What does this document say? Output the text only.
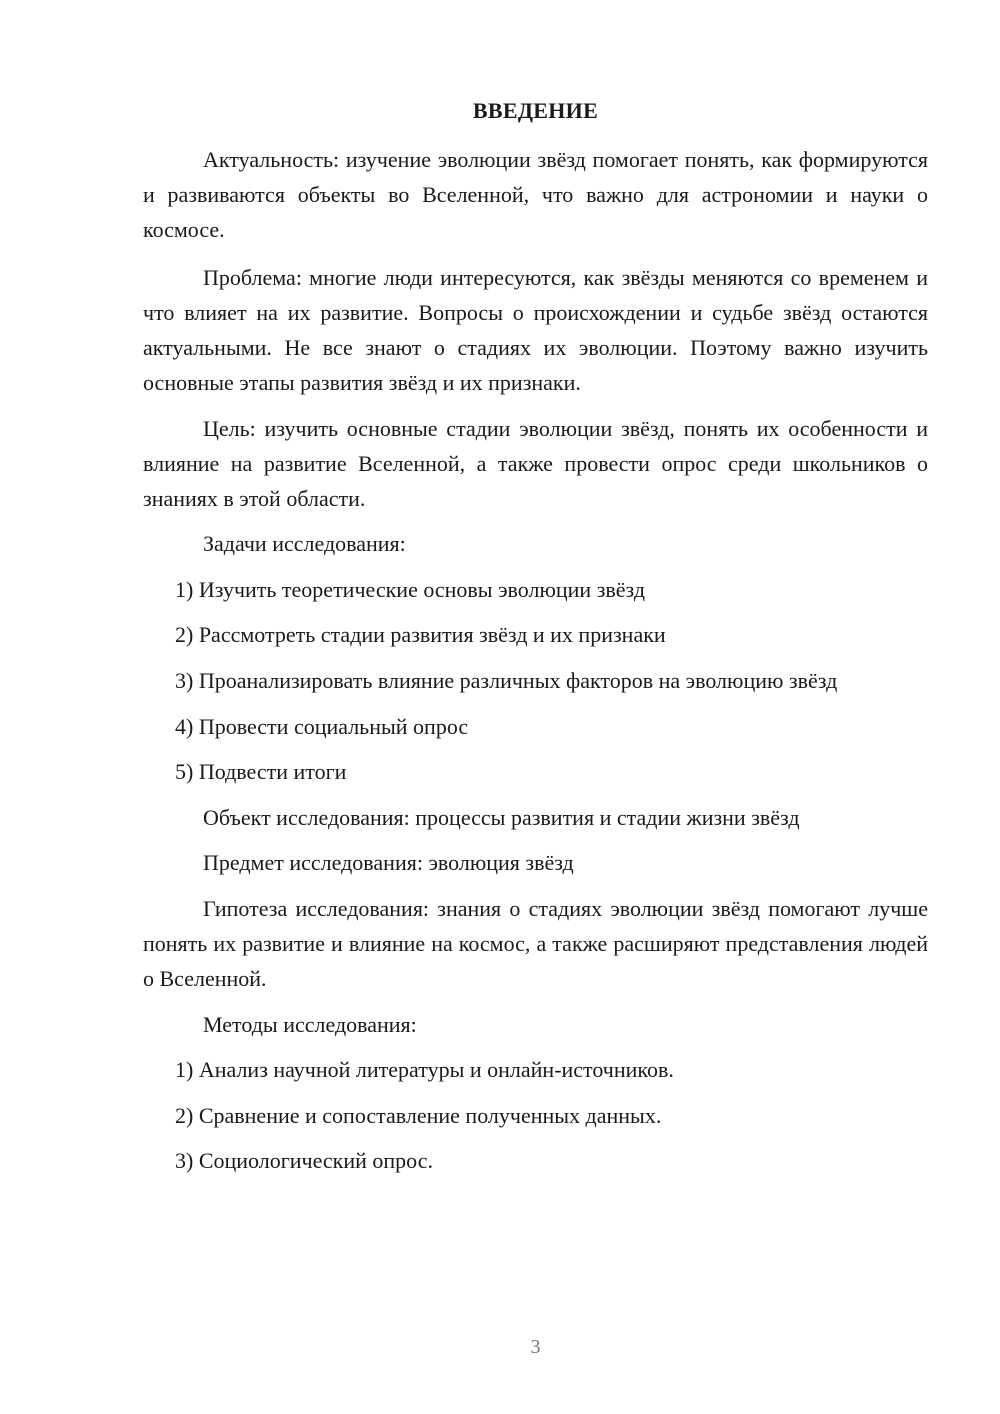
ВВЕДЕНИЕ

Актуальность: изучение эволюции звёзд помогает понять, как формируются и развиваются объекты во Вселенной, что важно для астрономии и науки о космосе.

Проблема: многие люди интересуются, как звёзды меняются со временем и что влияет на их развитие. Вопросы о происхождении и судьбе звёзд остаются актуальными. Не все знают о стадиях их эволюции. Поэтому важно изучить основные этапы развития звёзд и их признаки.

Цель: изучить основные стадии эволюции звёзд, понять их особенности и влияние на развитие Вселенной, а также провести опрос среди школьников о знаниях в этой области.

Задачи исследования:

1) Изучить теоретические основы эволюции звёзд

2) Рассмотреть стадии развития звёзд и их признаки

3) Проанализировать влияние различных факторов на эволюцию звёзд

4) Провести социальный опрос

5) Подвести итоги

Объект исследования: процессы развития и стадии жизни звёзд

Предмет исследования: эволюция звёзд

Гипотеза исследования: знания о стадиях эволюции звёзд помогают лучше понять их развитие и влияние на космос, а также расширяют представления людей о Вселенной.

Методы исследования:

1) Анализ научной литературы и онлайн-источников.

2) Сравнение и сопоставление полученных данных.

3) Социологический опрос.

3
